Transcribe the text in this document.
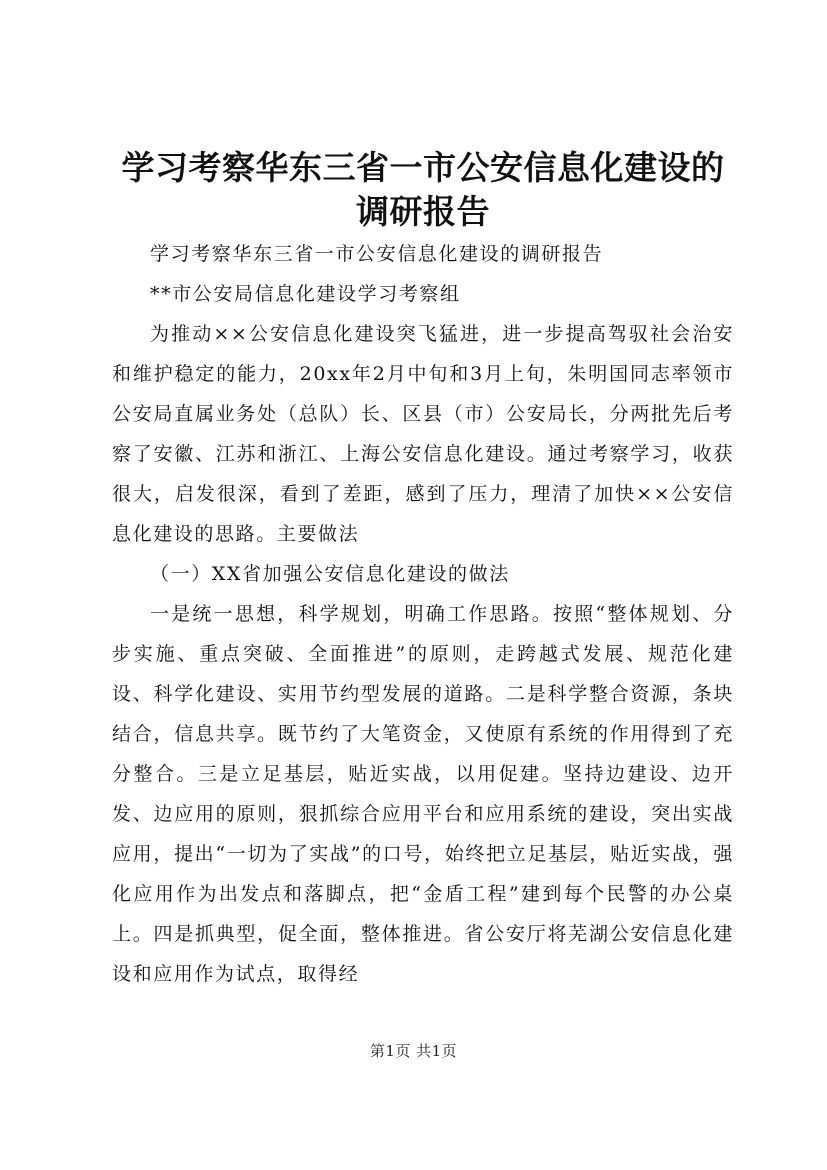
学习考察华东三省一市公安信息化建设的调研报告

学习考察华东三省一市公安信息化建设的调研报告

**市公安局信息化建设学习考察组

为推动××公安信息化建设突飞猛进，进一步提高驾驭社会治安和维护稳定的能力，20xx年2月中旬和3月上旬，朱明国同志率领市公安局直属业务处（总队）长、区县（市）公安局长，分两批先后考察了安徽、江苏和浙江、上海公安信息化建设。通过考察学习，收获很大，启发很深，看到了差距，感到了压力，理清了加快××公安信息化建设的思路。主要做法

（一）XX省加强公安信息化建设的做法

一是统一思想，科学规划，明确工作思路。按照“整体规划、分步实施、重点突破、全面推进”的原则，走跨越式发展、规范化建设、科学化建设、实用节约型发展的道路。二是科学整合资源，条块结合，信息共享。既节约了大笔资金，又使原有系统的作用得到了充分整合。三是立足基层，贴近实战，以用促建。坚持边建设、边开发、边应用的原则，狠抓综合应用平台和应用系统的建设，突出实战应用，提出“一切为了实战”的口号，始终把立足基层，贴近实战，强化应用作为出发点和落脚点，把“金盾工程”建到每个民警的办公桌上。四是抓典型，促全面，整体推进。省公安厅将芜湖公安信息化建设和应用作为试点，取得经

第1页 共1页
